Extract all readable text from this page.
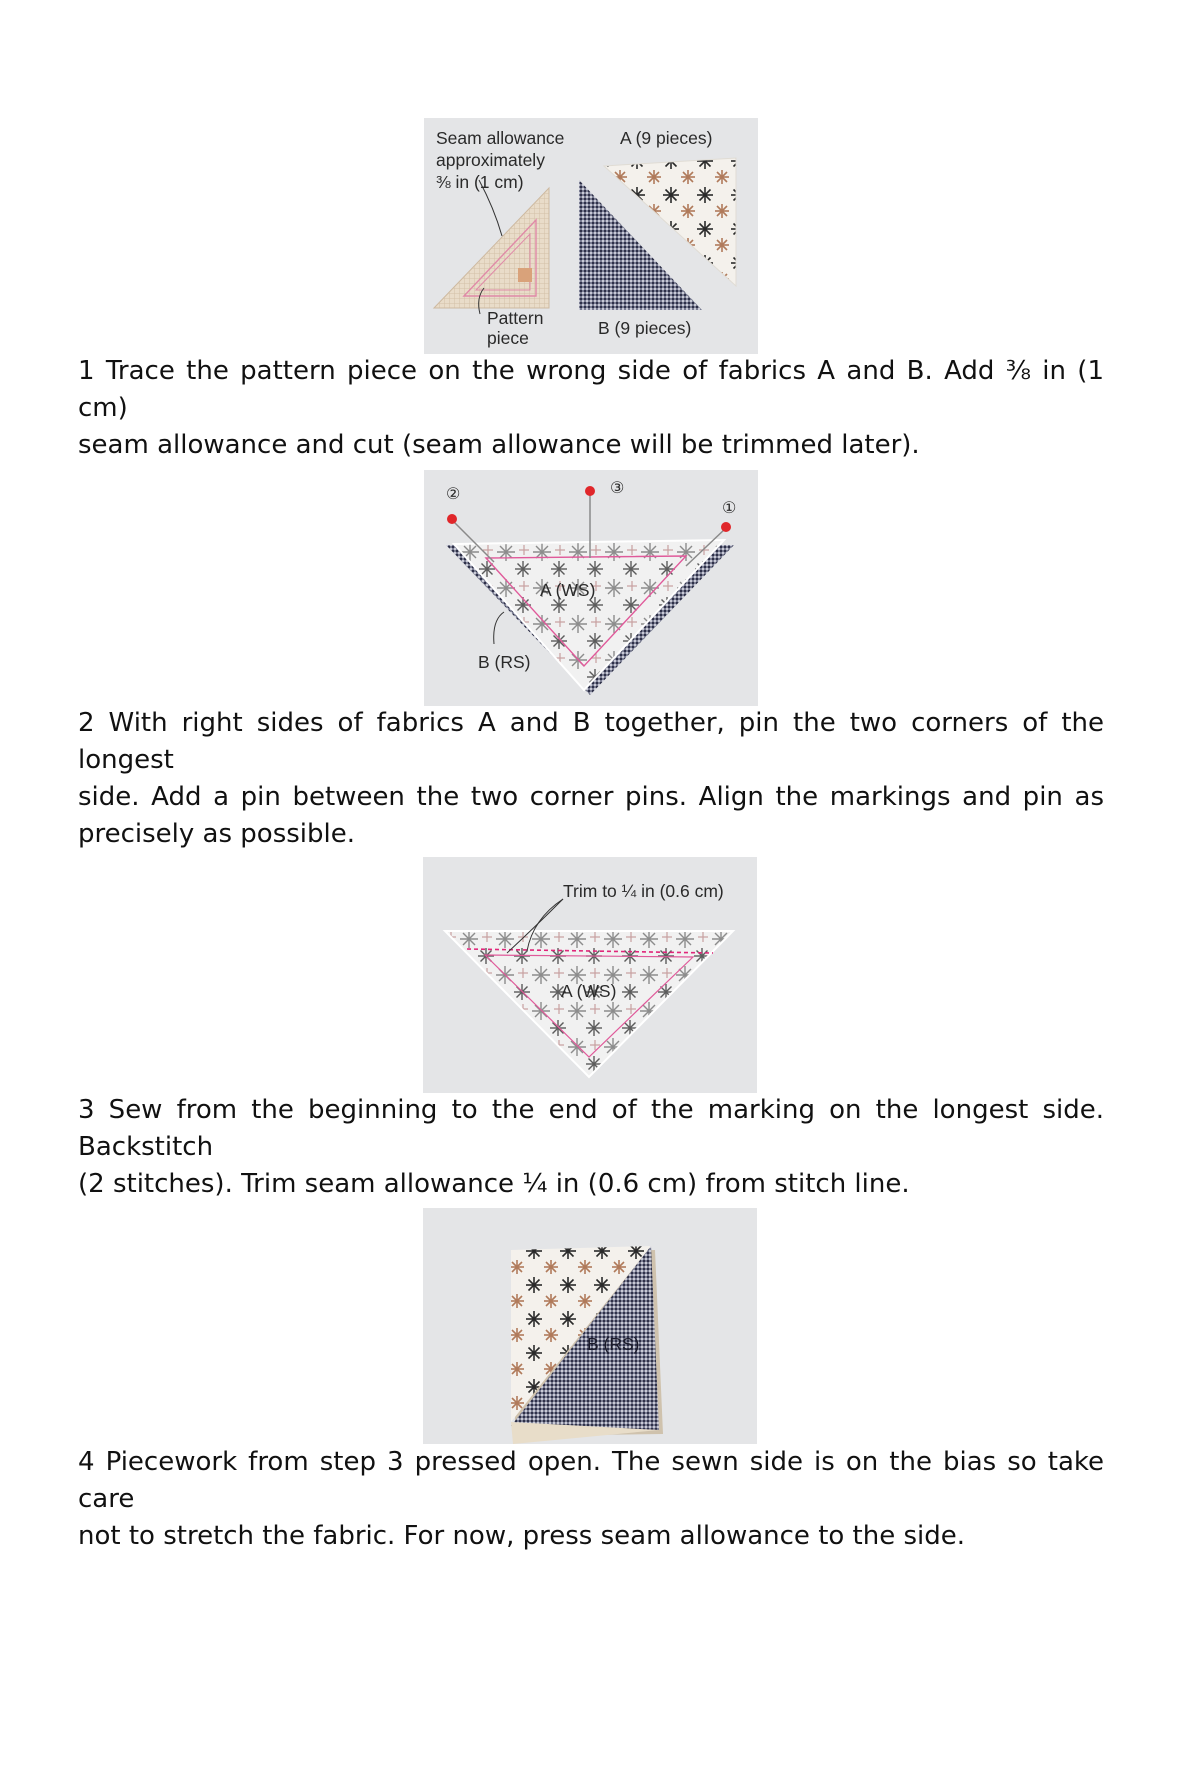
Seam allowance
approximately
⅜ in (1 cm)
A (9 pieces)
B (9 pieces)
Pattern
piece

1 Trace the pattern piece on the wrong side of fabrics A and B. Add ⅜ in (1 cm)
seam allowance and cut (seam allowance will be trimmed later).

②	③
①
A (WS)
B (RS)

2 With right sides of fabrics A and B together, pin the two corners of the longest
side. Add a pin between the two corner pins. Align the markings and pin as
precisely as possible.

Trim to ¼ in (0.6 cm)
A (WS)

3 Sew from the beginning to the end of the marking on the longest side. Backstitch
(2 stitches). Trim seam allowance ¼ in (0.6 cm) from stitch line.

B (RS)

4 Piecework from step 3 pressed open. The sewn side is on the bias so take care
not to stretch the fabric. For now, press seam allowance to the side.
